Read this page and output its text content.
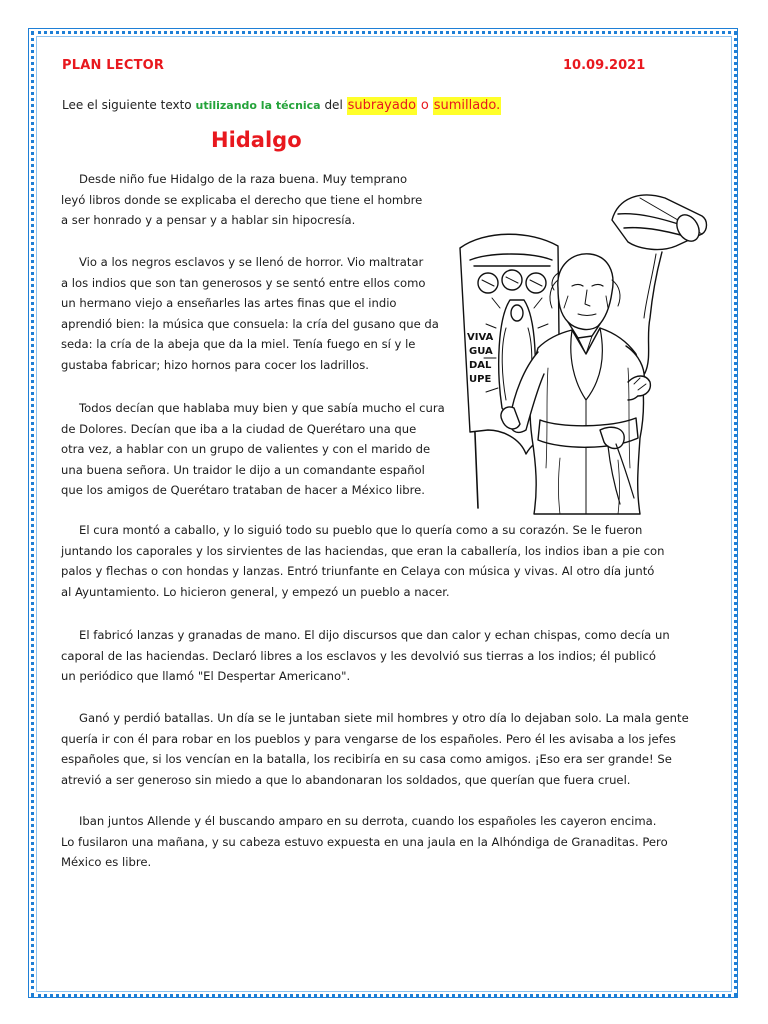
PLAN LECTOR	10.09.2021
Lee el siguiente texto utilizando la técnica del subrayado o sumillado.
Hidalgo
Desde niño fue Hidalgo de la raza buena. Muy temprano
leyó libros donde se explicaba el derecho que tiene el hombre
a ser honrado y a pensar y a hablar sin hipocresía.
Vio a los negros esclavos y se llenó de horror. Vio maltratar
a los indios que son tan generosos y se sentó entre ellos como
un hermano viejo a enseñarles las artes finas que el indio
aprendió bien: la música que consuela: la cría del gusano que da
seda: la cría de la abeja que da la miel. Tenía fuego en sí y le
gustaba fabricar; hizo hornos para cocer los ladrillos.
Todos decían que hablaba muy bien y que sabía mucho el cura
de Dolores. Decían que iba a la ciudad de Querétaro una que
otra vez, a hablar con un grupo de valientes y con el marido de
una buena señora. Un traidor le dijo a un comandante español
que los amigos de Querétaro trataban de hacer a México libre.
El cura montó a caballo, y lo siguió todo su pueblo que lo quería como a su corazón. Se le fueron
juntando los caporales y los sirvientes de las haciendas, que eran la caballería, los indios iban a pie con
palos y flechas o con hondas y lanzas. Entró triunfante en Celaya con música y vivas. Al otro día juntó
al Ayuntamiento. Lo hicieron general, y empezó un pueblo a nacer.
El fabricó lanzas y granadas de mano. El dijo discursos que dan calor y echan chispas, como decía un
caporal de las haciendas. Declaró libres a los esclavos y les devolvió sus tierras a los indios; él publicó
un periódico que llamó "El Despertar Americano".
Ganó y perdió batallas. Un día se le juntaban siete mil hombres y otro día lo dejaban solo. La mala gente
quería ir con él para robar en los pueblos y para vengarse de los españoles. Pero él les avisaba a los jefes
españoles que, si los vencían en la batalla, los recibiría en su casa como amigos. ¡Eso era ser grande! Se
atrevió a ser generoso sin miedo a que lo abandonaran los soldados, que querían que fuera cruel.
Iban juntos Allende y él buscando amparo en su derrota, cuando los españoles les cayeron encima.
Lo fusilaron una mañana, y su cabeza estuvo expuesta en una jaula en la Alhóndiga de Granaditas. Pero
México es libre.
VIVA
GUA
DAL
UPE
